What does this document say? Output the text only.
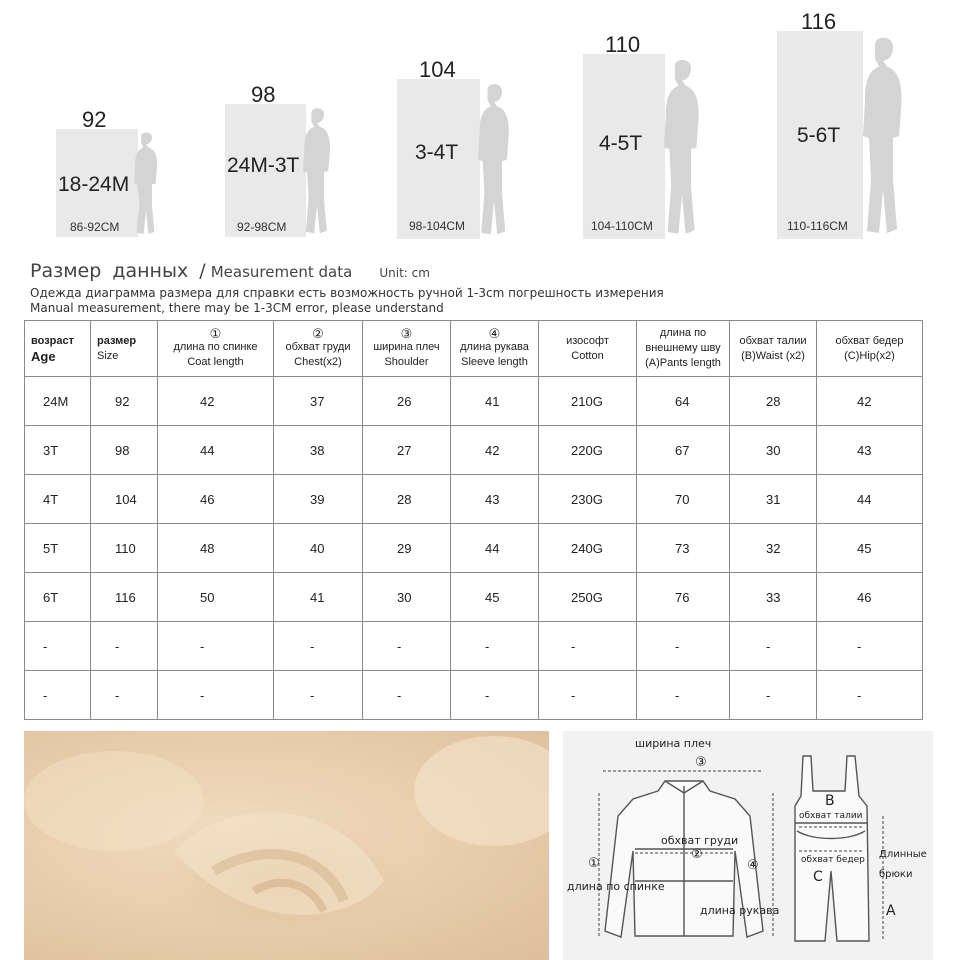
92
18-24M
86-92CM
98
24M-3T
92-98CM
104
3-4T
98-104CM
110
4-5T
104-110CM
116
5-6T
110-116CM
Размер данных / Measurement data Unit: cm
Одежда диаграмма размера для справки есть возможность ручной 1-3cm погрешность измерения
Manual measurement, there may be 1-3CM error, please understand
возраст
Age	размер
Size	①
длина по спинке
Coat length	②
обхват груди
Chest(x2)	③
ширина плеч
Shoulder	④
длина рукава
Sleeve length	изософт
Cotton	длина по внешнему шву
(A)Pants length	обхват талии
(B)Waist (x2)	обхват бедер
(C)Hip(x2)

24M	92	42	37	26	41	210G	64	28	42

3T	98	44	38	27	42	220G	67	30	43

4T	104	46	39	28	43	230G	70	31	44

5T	110	48	40	29	44	240G	73	32	45

6T	116	50	41	30	45	250G	76	33	46

-	-	-	-	-	-	-	-	-	-

-	-	-	-	-	-	-	-	-	-
ширина плеч
③
обхват груди
②
①
длина по спинке
④
длина рукава
B
обхват талии
обхват бедер
C
Длинные
брюки
A
